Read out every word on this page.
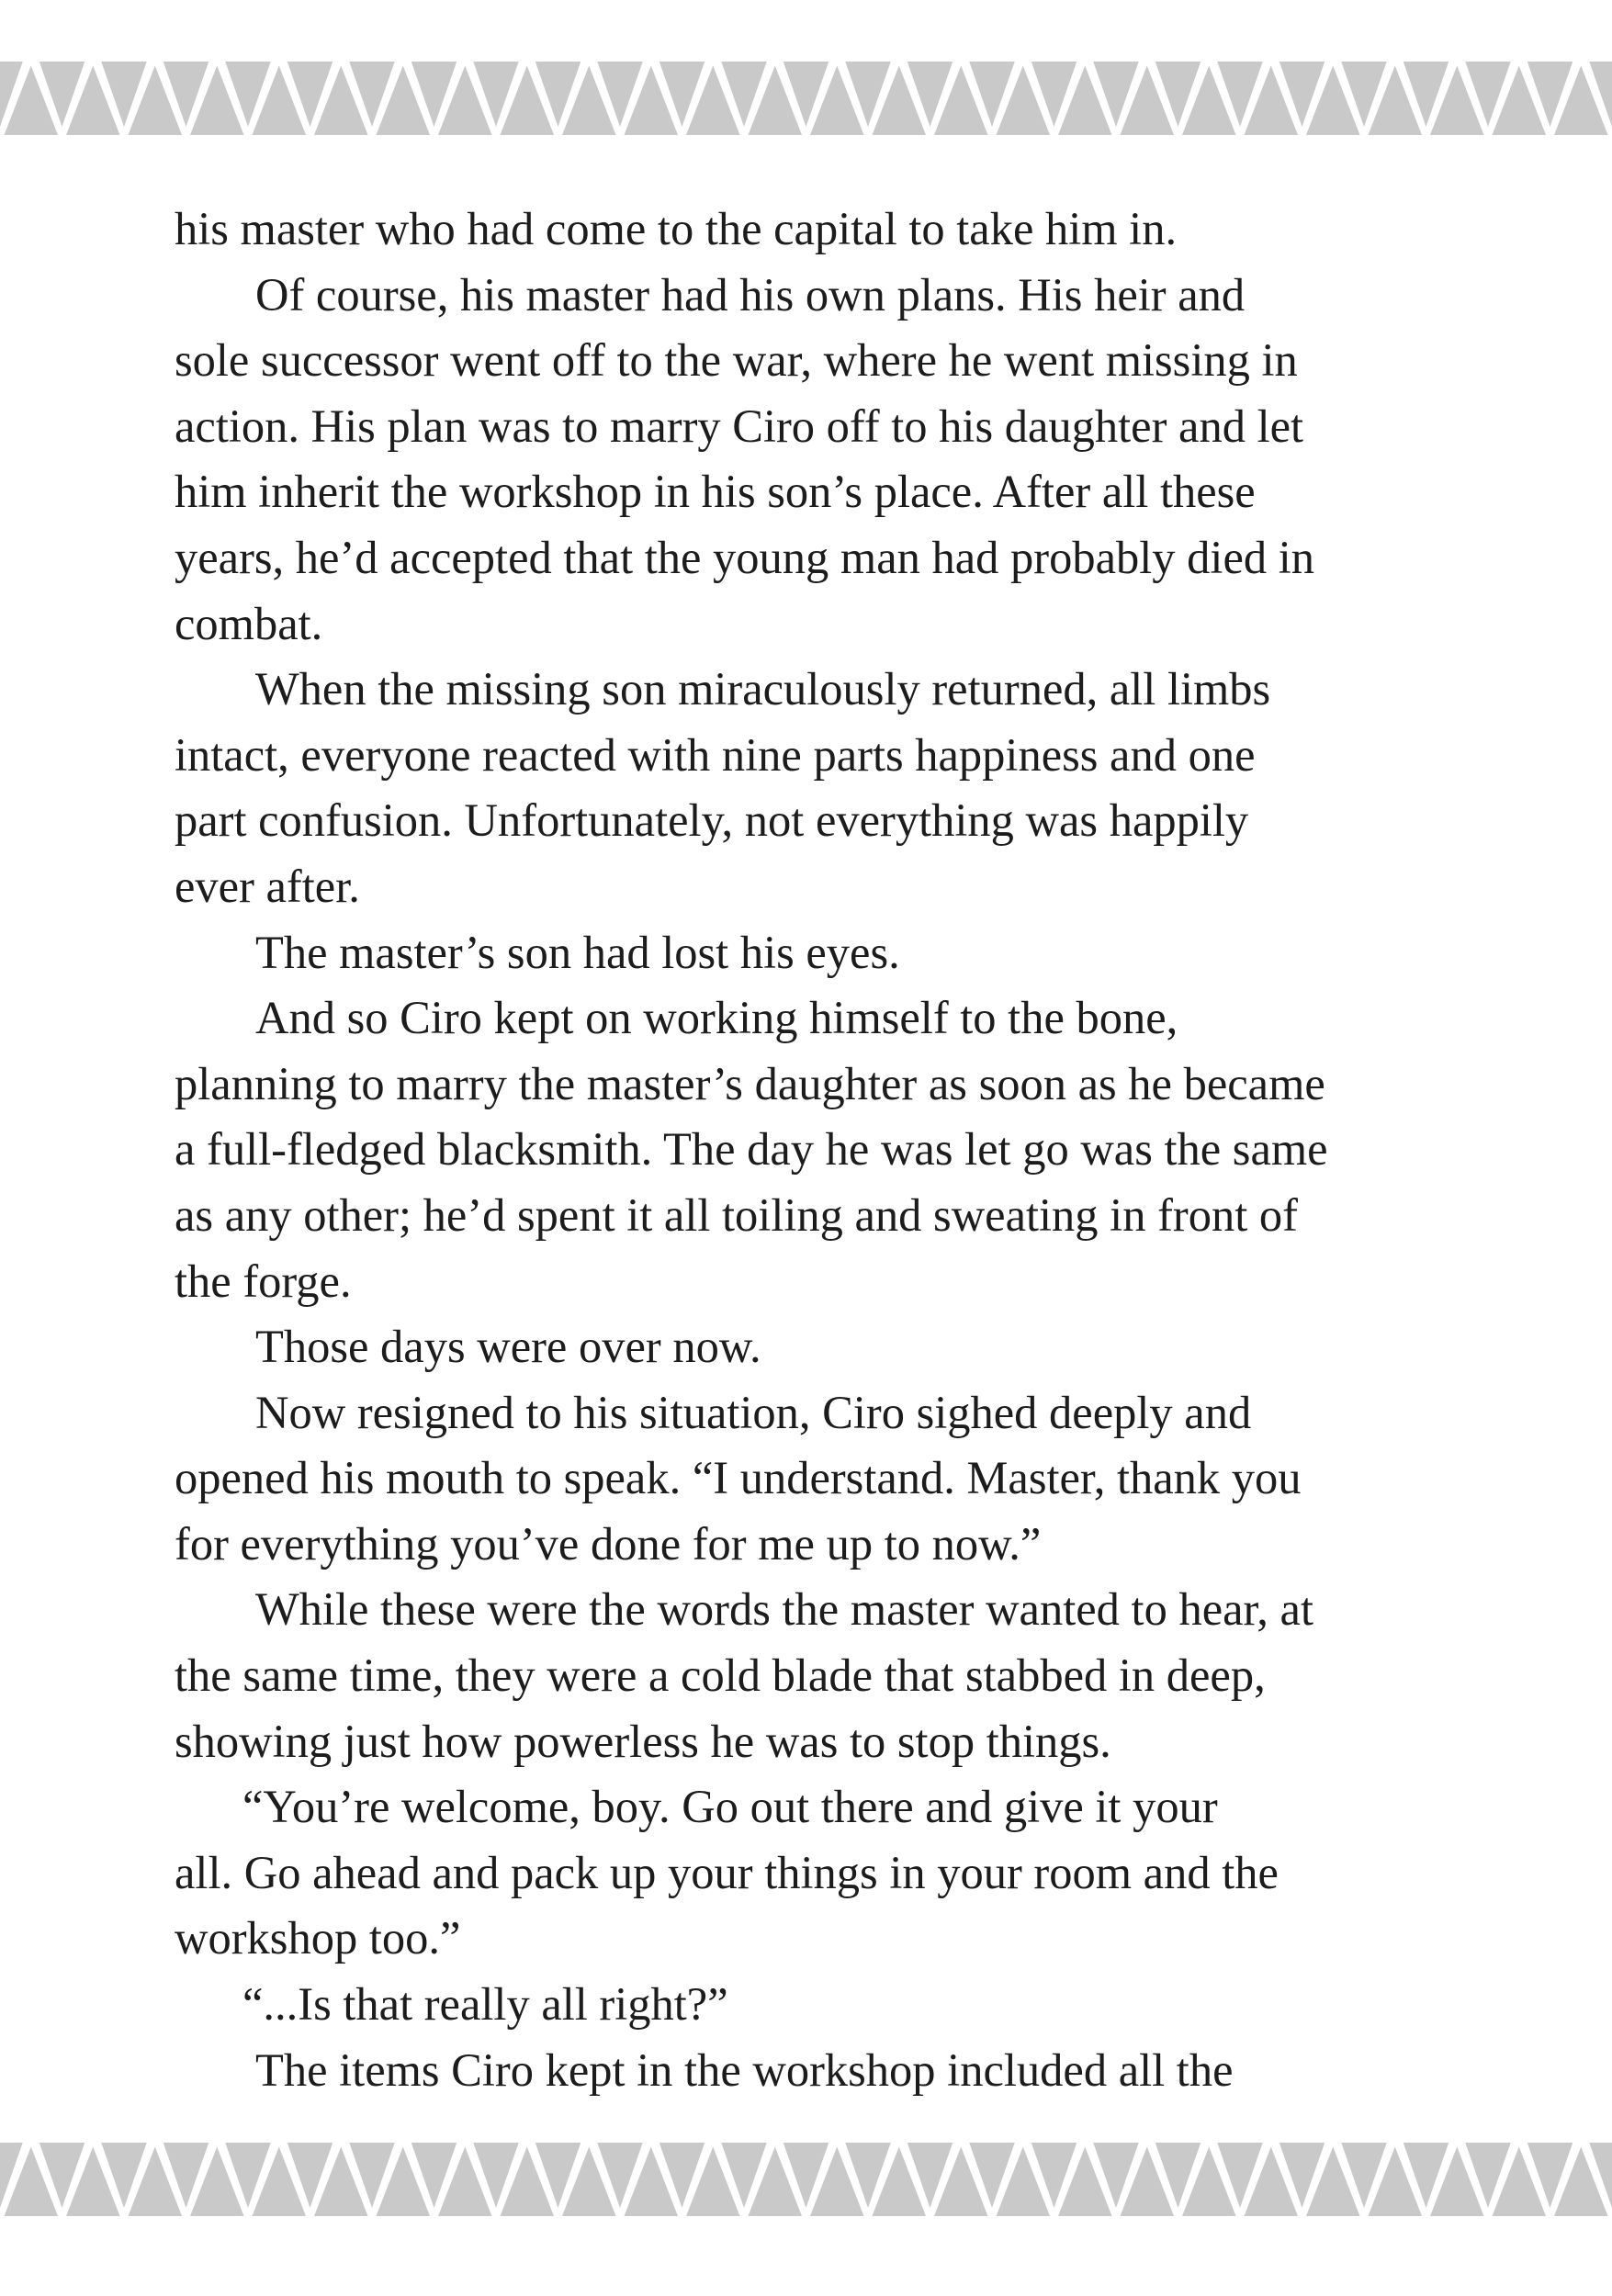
his master who had come to the capital to take him in.
Of course, his master had his own plans. His heir and
sole successor went off to the war, where he went missing in
action. His plan was to marry Ciro off to his daughter and let
him inherit the workshop in his son’s place. After all these
years, he’d accepted that the young man had probably died in
combat.
When the missing son miraculously returned, all limbs
intact, everyone reacted with nine parts happiness and one
part confusion. Unfortunately, not everything was happily
ever after.
The master’s son had lost his eyes.
And so Ciro kept on working himself to the bone,
planning to marry the master’s daughter as soon as he became
a full-fledged blacksmith. The day he was let go was the same
as any other; he’d spent it all toiling and sweating in front of
the forge.
Those days were over now.
Now resigned to his situation, Ciro sighed deeply and
opened his mouth to speak. “I understand. Master, thank you
for everything you’ve done for me up to now.”
While these were the words the master wanted to hear, at
the same time, they were a cold blade that stabbed in deep,
showing just how powerless he was to stop things.
“You’re welcome, boy. Go out there and give it your
all. Go ahead and pack up your things in your room and the
workshop too.”
“...Is that really all right?”
The items Ciro kept in the workshop included all the
